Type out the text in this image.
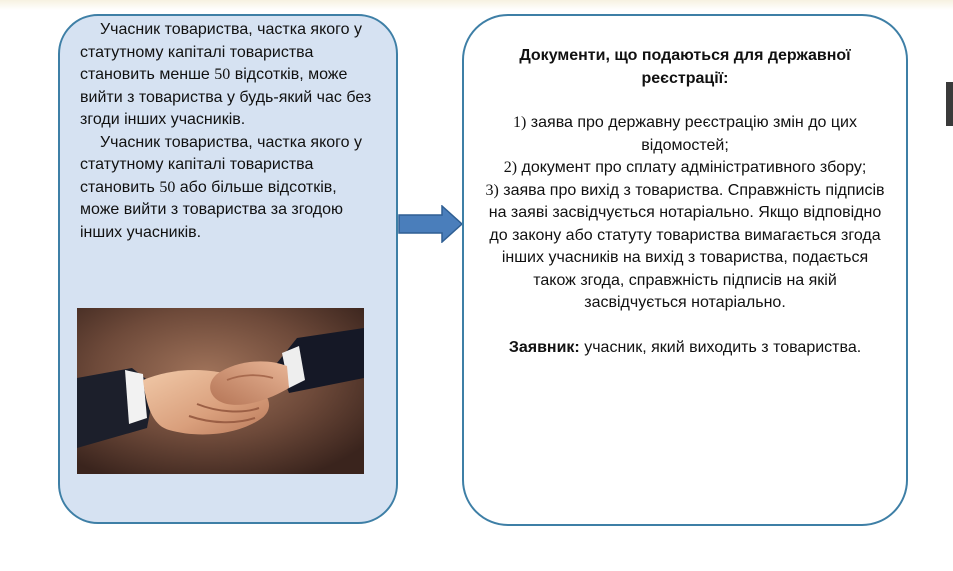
Учасник товариства, частка якого у статутному капіталі товариства становить менше 50 відсотків, може вийти з товариства у будь-який час без згоди інших учасників.

Учасник товариства, частка якого у статутному капіталі товариства становить 50 або більше відсотків, може вийти з товариства за згодою інших учасників.

Документи, що подаються для державної реєстрації:

1) заява про державну реєстрацію змін до цих відомостей;

2) документ про сплату адміністративного збору;

3) заява про вихід з товариства. Справжність підписів на заяві засвідчується нотаріально. Якщо відповідно до закону або статуту товариства вимагається згода інших учасників на вихід з товариства, подається також згода, справжність підписів на якій засвідчується нотаріально.

Заявник: учасник, який виходить з товариства.
